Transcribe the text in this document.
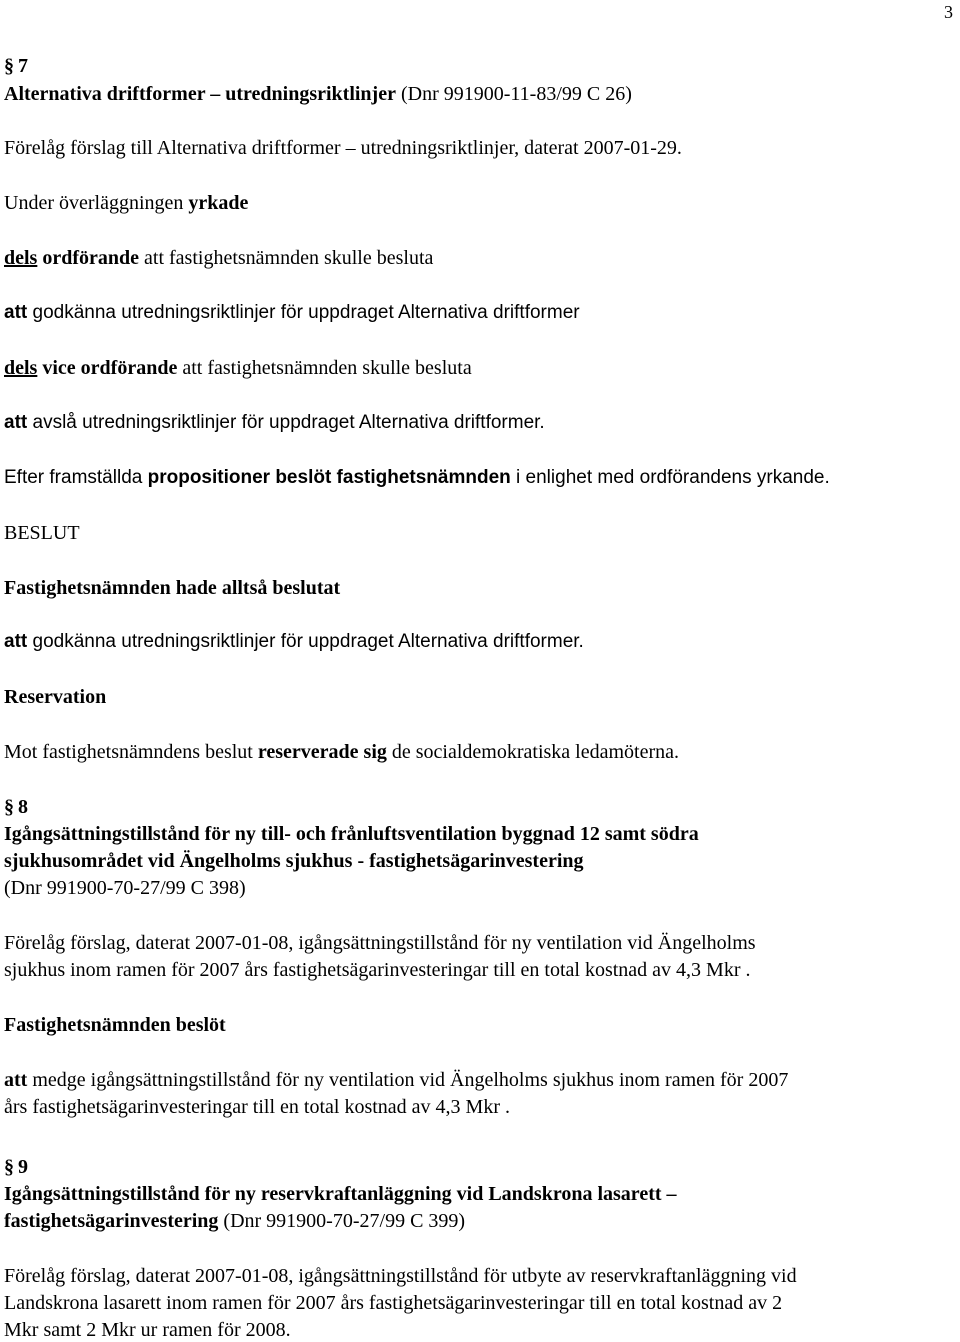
3
§ 7
Alternativa driftformer – utredningsriktlinjer (Dnr 991900-11-83/99 C 26)
Förelåg förslag till Alternativa driftformer – utredningsriktlinjer, daterat 2007-01-29.
Under överläggningen yrkade
dels ordförande att fastighetsnämnden skulle besluta
att godkänna utredningsriktlinjer för uppdraget Alternativa driftformer
dels vice ordförande att fastighetsnämnden skulle besluta
att avslå utredningsriktlinjer för uppdraget Alternativa driftformer.
Efter framställda propositioner beslöt fastighetsnämnden i enlighet med ordförandens yrkande.
BESLUT
Fastighetsnämnden hade alltså beslutat
att godkänna utredningsriktlinjer för uppdraget Alternativa driftformer.
Reservation
Mot fastighetsnämndens beslut reserverade sig de socialdemokratiska ledamöterna.
§ 8
Igångsättningstillstånd för ny till- och frånluftsventilation byggnad 12 samt södra
sjukhusområdet vid Ängelholms sjukhus - fastighetsägarinvestering
(Dnr 991900-70-27/99 C 398)
Förelåg förslag, daterat 2007-01-08, igångsättningstillstånd för ny ventilation vid Ängelholms
sjukhus inom ramen för 2007 års fastighetsägarinvesteringar till en total kostnad av 4,3 Mkr .
Fastighetsnämnden beslöt
att medge igångsättningstillstånd för ny ventilation vid Ängelholms sjukhus inom ramen för 2007
års fastighetsägarinvesteringar till en total kostnad av 4,3 Mkr .
§ 9
Igångsättningstillstånd för ny reservkraftanläggning vid Landskrona lasarett –
fastighetsägarinvestering (Dnr 991900-70-27/99 C 399)
Förelåg förslag, daterat 2007-01-08, igångsättningstillstånd för utbyte av reservkraftanläggning vid
Landskrona lasarett inom ramen för 2007 års fastighetsägarinvesteringar till en total kostnad av 2
Mkr samt 2 Mkr ur ramen för 2008.
